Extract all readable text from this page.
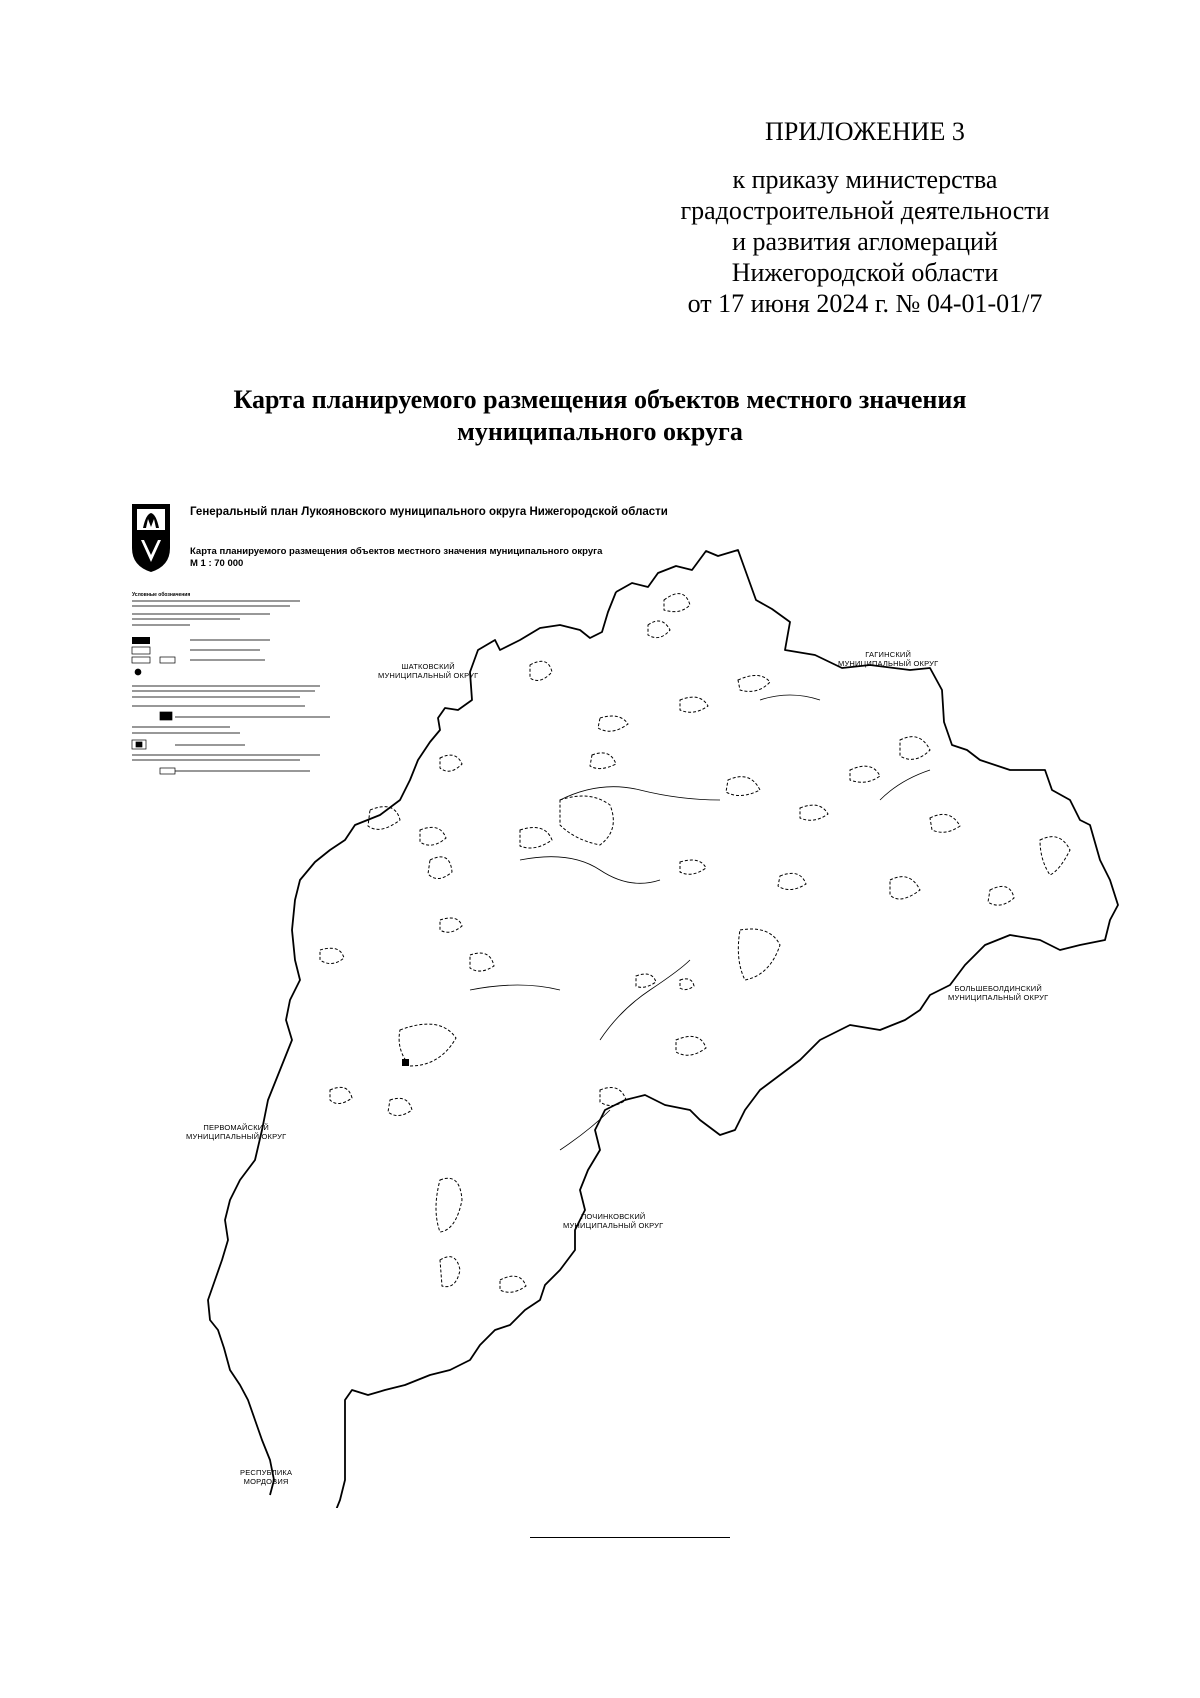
ПРИЛОЖЕНИЕ 3
к приказу министерства
градостроительной деятельности
и развития агломераций
Нижегородской области
от 17 июня 2024 г. № 04-01-01/7
Карта планируемого размещения объектов местного значения
муниципального округа
Генеральный план Лукояновского муниципального округа Нижегородской области
Карта планируемого размещения объектов местного значения муниципального округа
М 1 : 70 000
Условные обозначения
ШАТКОВСКИЙ
МУНИЦИПАЛЬНЫЙ ОКРУГ
ГАГИНСКИЙ
МУНИЦИПАЛЬНЫЙ ОКРУГ
БОЛЬШЕБОЛДИНСКИЙ
МУНИЦИПАЛЬНЫЙ ОКРУГ
ПЕРВОМАЙСКИЙ
МУНИЦИПАЛЬНЫЙ ОКРУГ
ПОЧИНКОВСКИЙ
МУНИЦИПАЛЬНЫЙ ОКРУГ
РЕСПУБЛИКА
МОРДОВИЯ
